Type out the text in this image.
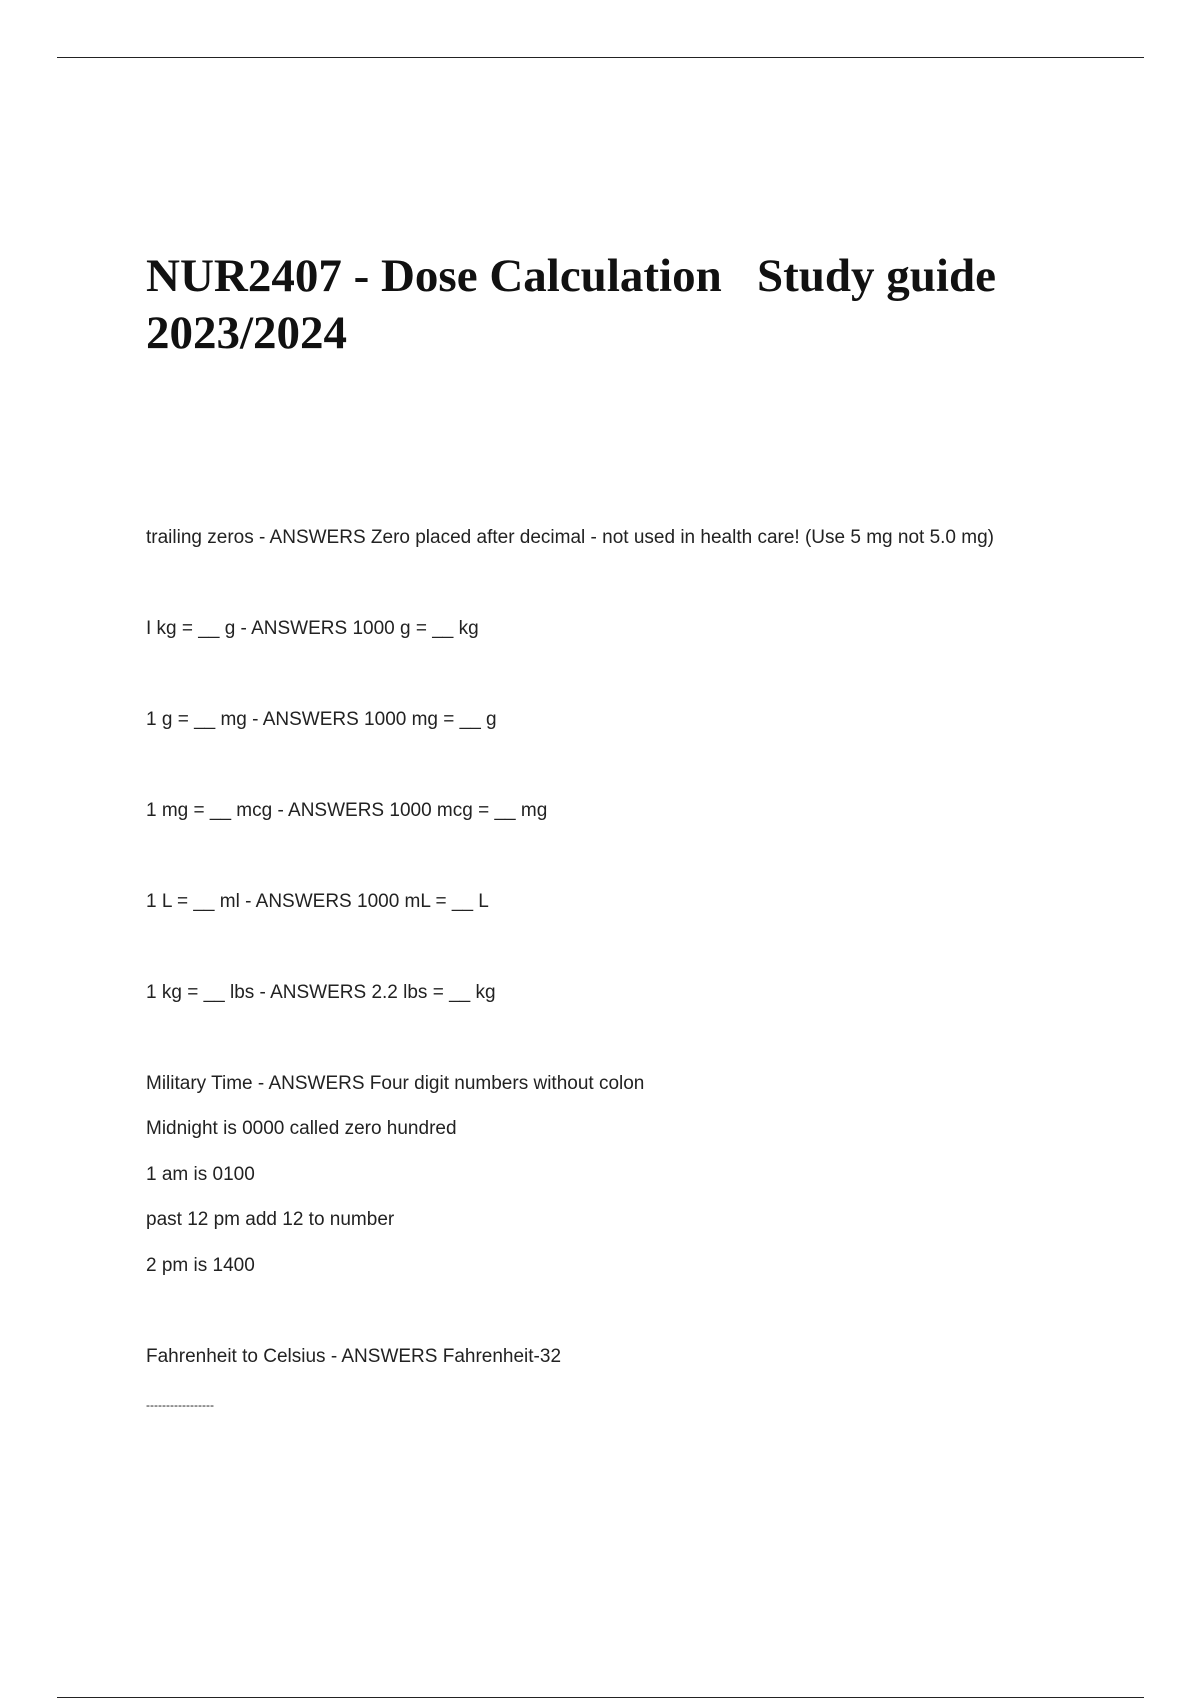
NUR2407 - Dose Calculation   Study guide 2023/2024

trailing zeros - ANSWERS Zero placed after decimal - not used in health care! (Use 5 mg not 5.0 mg)

I kg = __ g - ANSWERS 1000 g = __ kg

1 g = __ mg - ANSWERS 1000 mg = __ g

1 mg = __ mcg - ANSWERS 1000 mcg = __ mg

1 L = __ ml - ANSWERS 1000 mL = __ L

1 kg = __ lbs - ANSWERS 2.2 lbs = __ kg

Military Time - ANSWERS Four digit numbers without colon

Midnight is 0000 called zero hundred

1 am is 0100

past 12 pm add 12 to number

2 pm is 1400

Fahrenheit to Celsius - ANSWERS Fahrenheit-32

-----------------
